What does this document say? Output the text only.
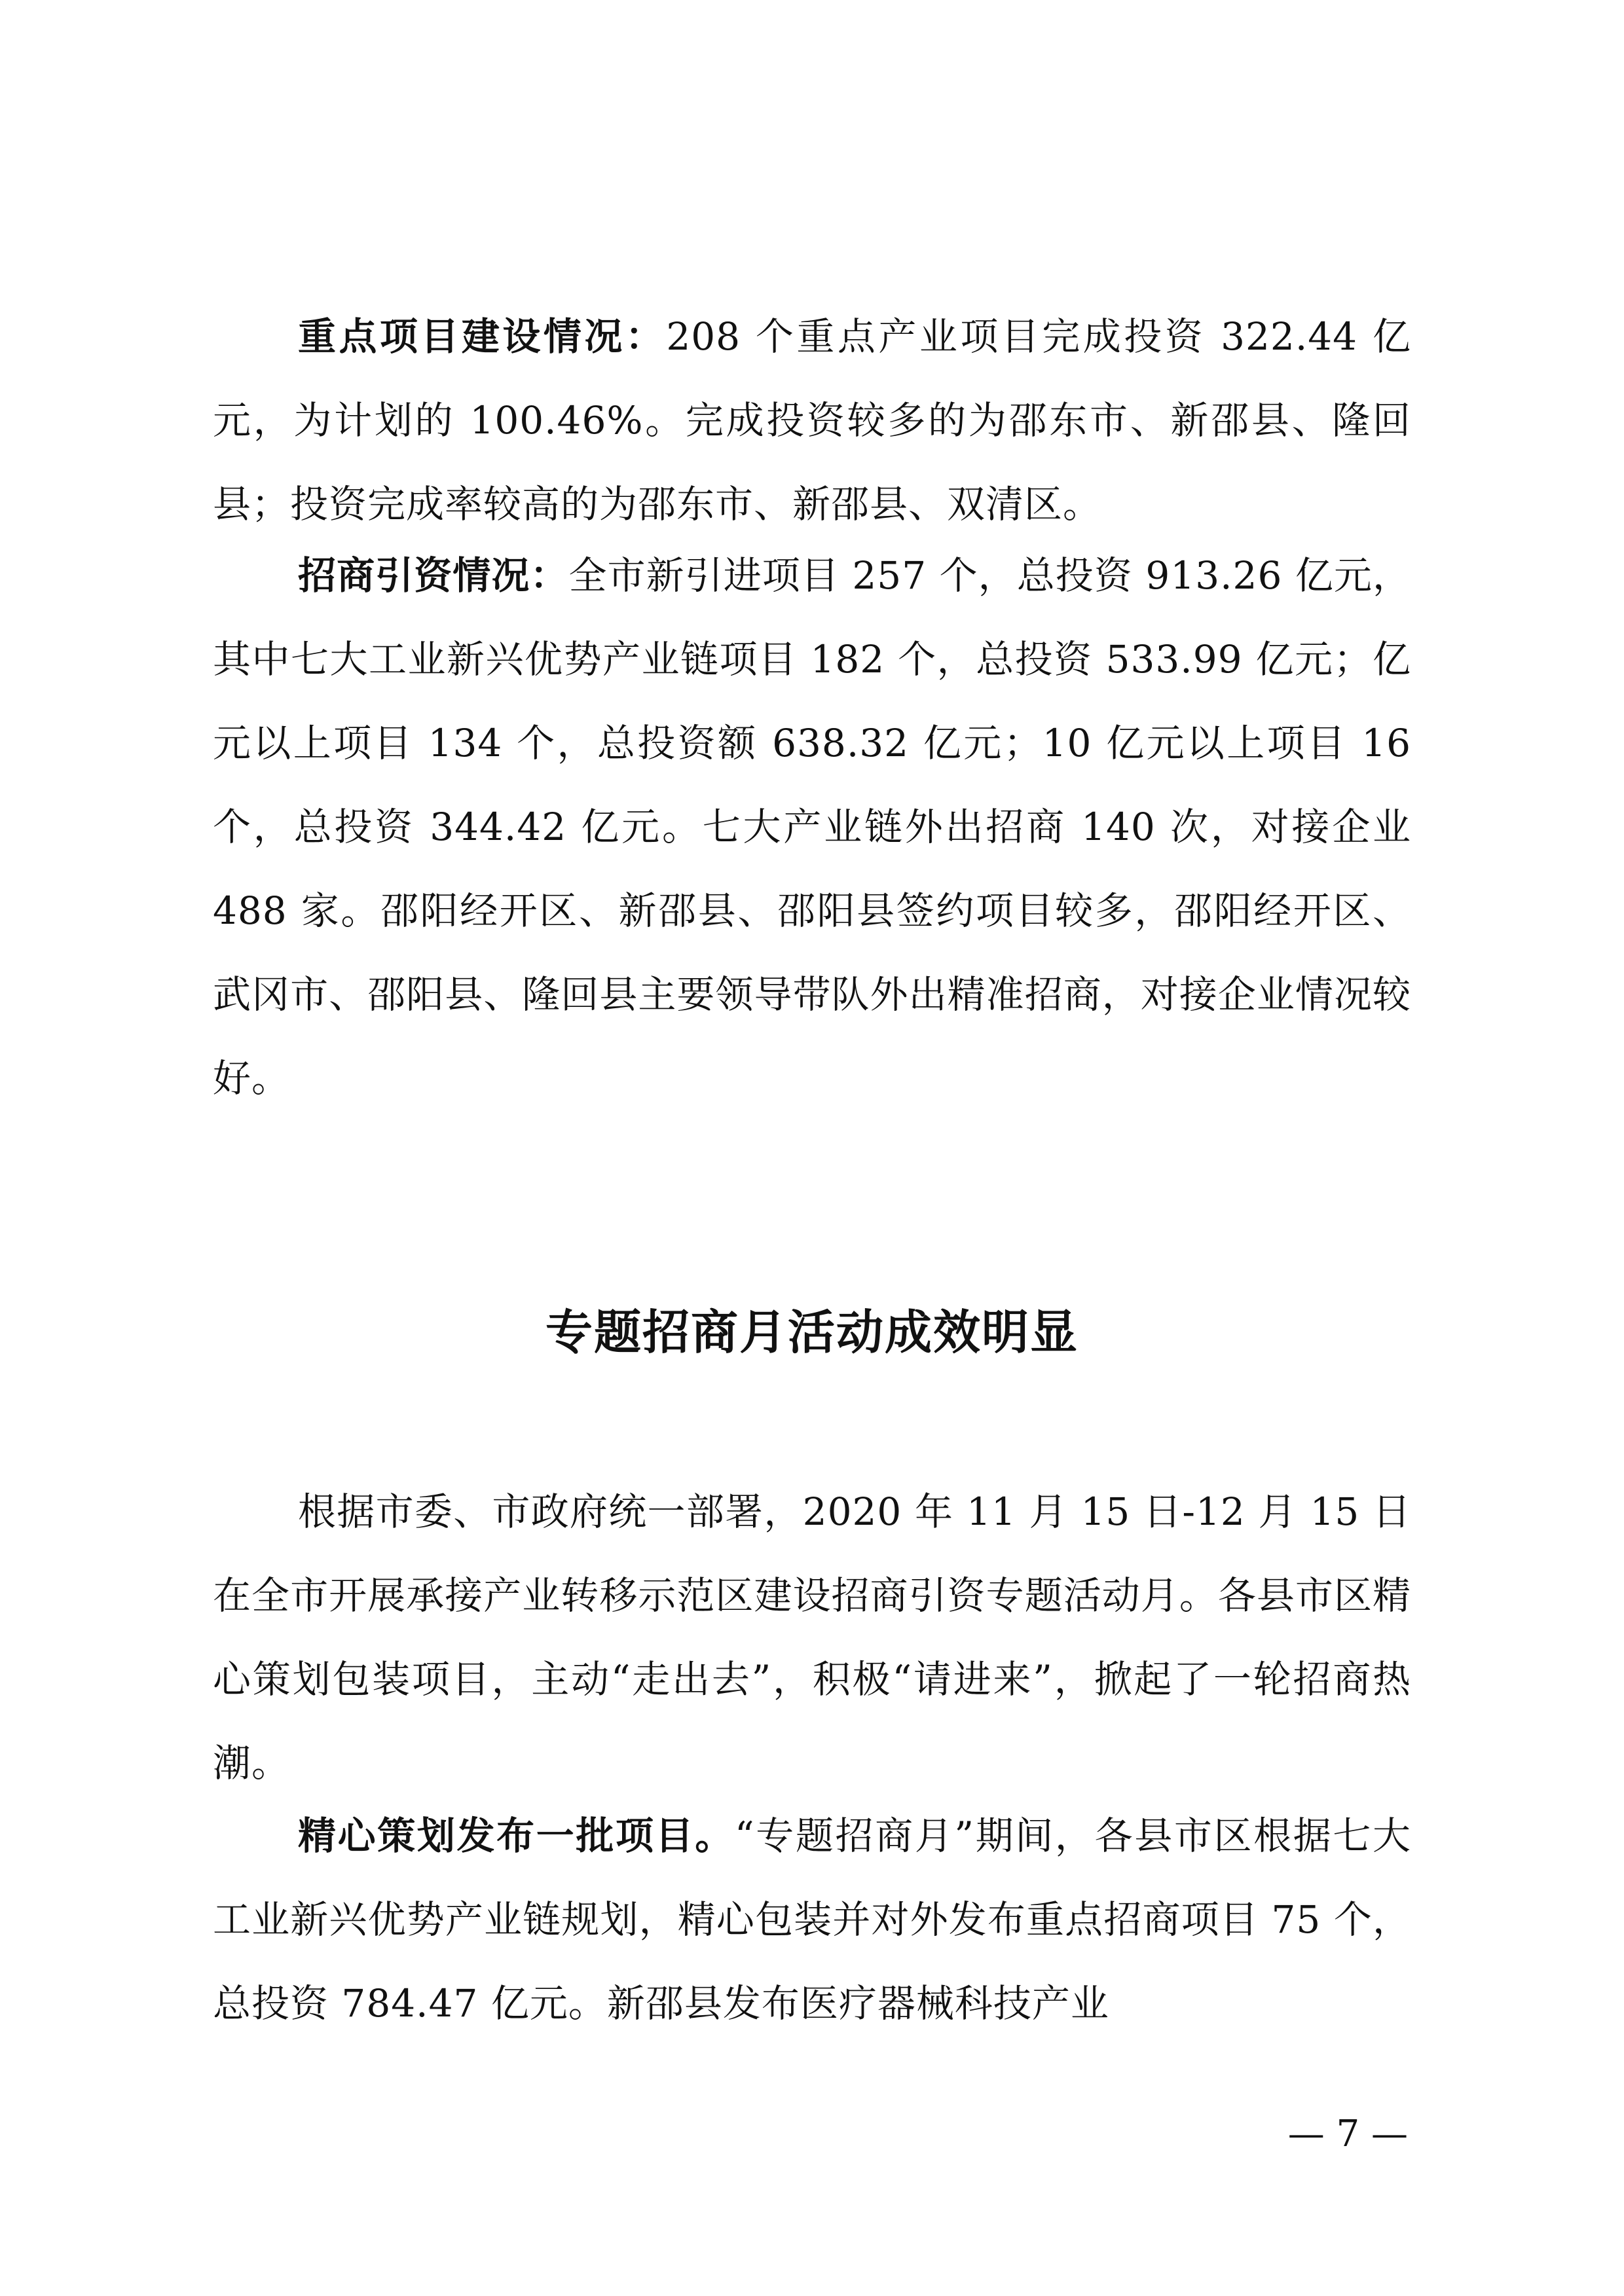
重点项目建设情况：208 个重点产业项目完成投资 322.44 亿元，为计划的 100.46%。完成投资较多的为邵东市、新邵县、隆回县；投资完成率较高的为邵东市、新邵县、双清区。

招商引资情况：全市新引进项目 257 个，总投资 913.26 亿元，其中七大工业新兴优势产业链项目 182 个，总投资 533.99 亿元；亿元以上项目 134 个，总投资额 638.32 亿元；10 亿元以上项目 16 个，总投资 344.42 亿元。七大产业链外出招商 140 次，对接企业 488 家。邵阳经开区、新邵县、邵阳县签约项目较多，邵阳经开区、武冈市、邵阳县、隆回县主要领导带队外出精准招商，对接企业情况较好。

专题招商月活动成效明显

根据市委、市政府统一部署，2020 年 11 月 15 日-12 月 15 日在全市开展承接产业转移示范区建设招商引资专题活动月。各县市区精心策划包装项目，主动“走出去”，积极“请进来”，掀起了一轮招商热潮。

精心策划发布一批项目。“专题招商月”期间，各县市区根据七大工业新兴优势产业链规划，精心包装并对外发布重点招商项目 75 个，总投资 784.47 亿元。新邵县发布医疗器械科技产业

— 7 —
